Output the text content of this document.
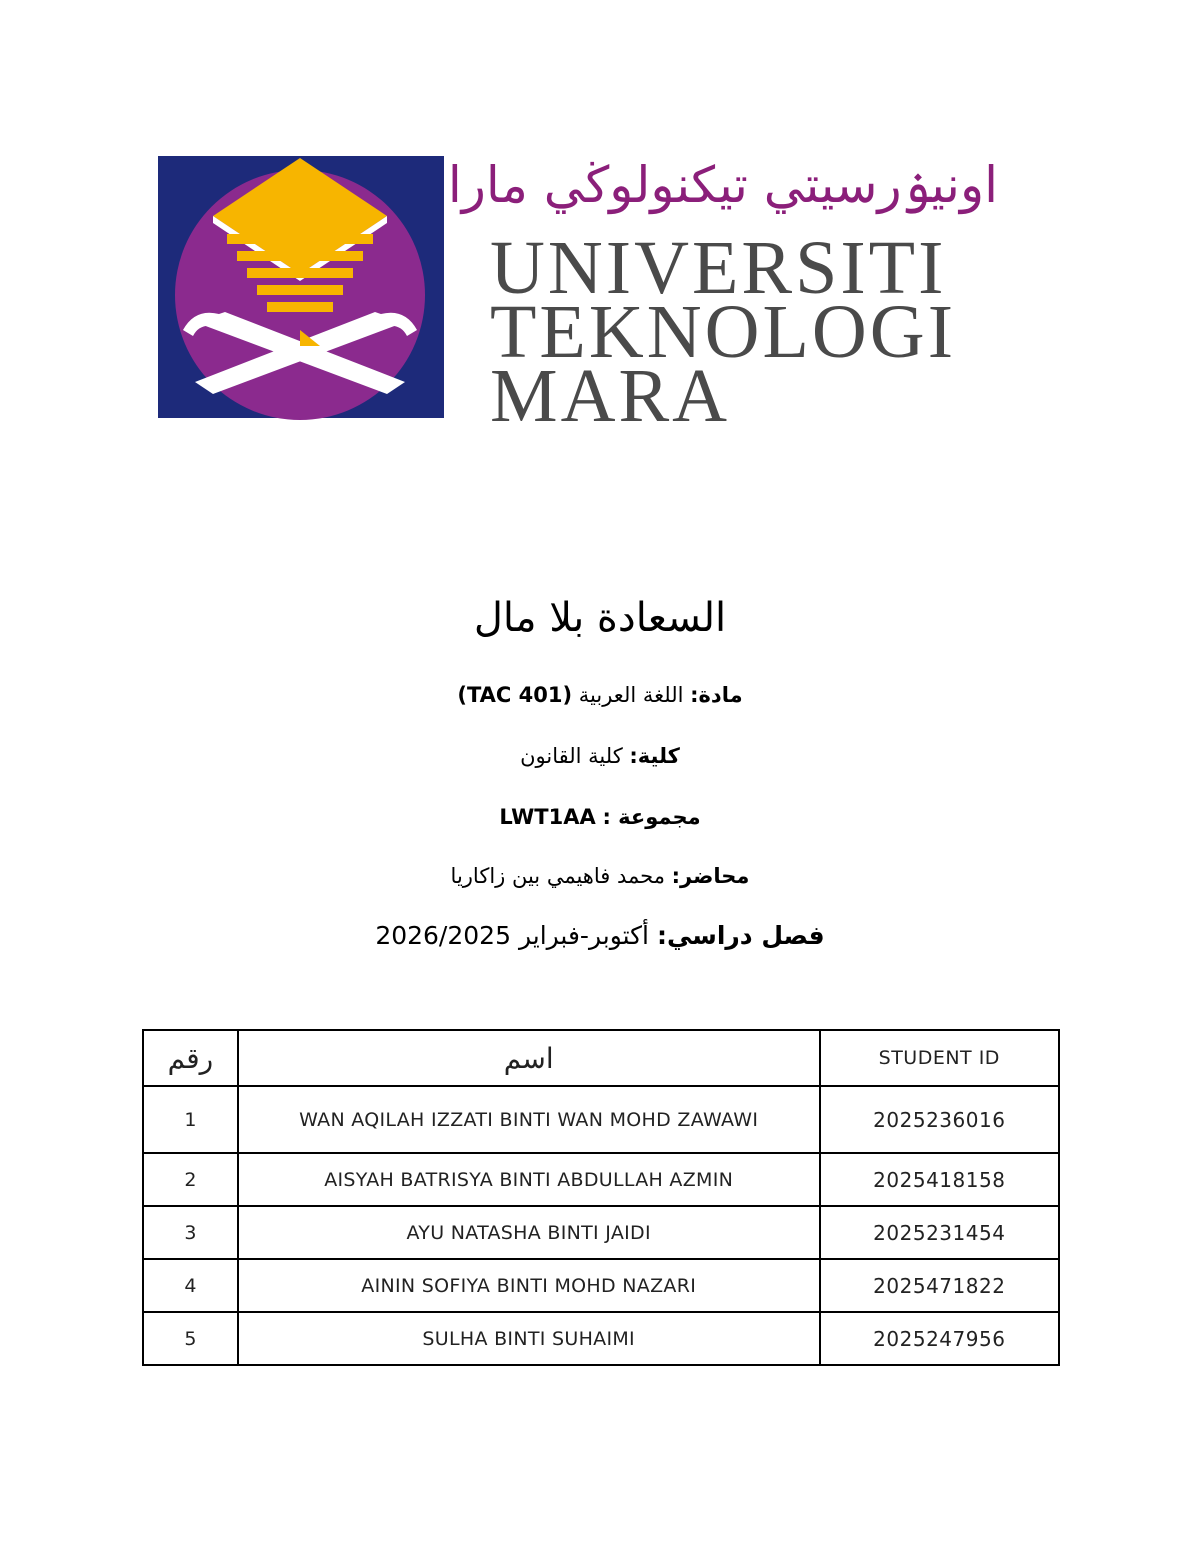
اونيۏرسيتي تيكنولوڬي مارا
UNIVERSITI
TEKNOLOGI
MARA
السعادة بلا مال
مادة: اللغة العربية (TAC 401)
كلية: كلية القانون
مجموعة : LWT1AA
محاضر: محمد فاهيمي بين زاكاريا
فصل دراسي: أكتوبر-فبراير 2026/2025
رقم	اسم	STUDENT ID
1	WAN AQILAH IZZATI BINTI WAN MOHD ZAWAWI	2025236016
2	AISYAH BATRISYA BINTI ABDULLAH AZMIN	2025418158
3	AYU NATASHA BINTI JAIDI	2025231454
4	AININ SOFIYA BINTI MOHD NAZARI	2025471822
5	SULHA BINTI SUHAIMI	2025247956
